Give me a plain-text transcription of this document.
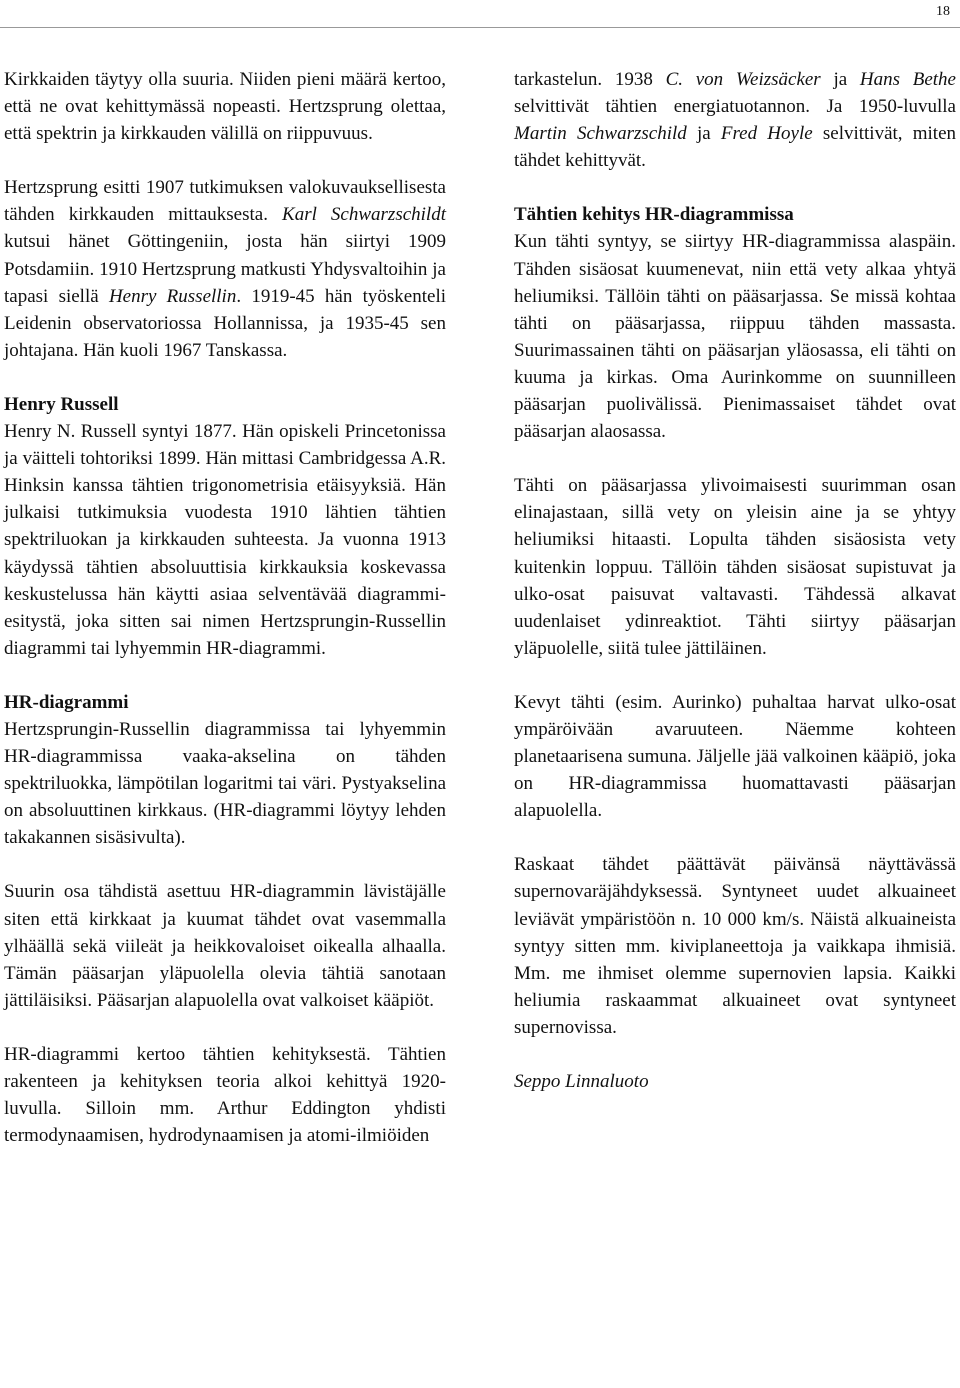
18

Kirkkaiden täytyy olla suuria. Niiden pieni määrä kertoo, että ne ovat kehittymässä nopeasti. Hertzsprung olettaa, että spektrin ja kirkkauden välillä on riippuvuus.

Hertzsprung esitti 1907 tutkimuksen valokuvauksellisesta tähden kirkkauden mittauksesta. Karl Schwarzschildt kutsui hänet Göttingeniin, josta hän siirtyi 1909 Potsdamiin. 1910 Hertzsprung matkusti Yhdysvaltoihin ja tapasi siellä Henry Russellin. 1919-45 hän työskenteli Leidenin observatoriossa Hollannissa, ja 1935-45 sen johtajana. Hän kuoli 1967 Tanskassa.

Henry Russell

Henry N. Russell syntyi 1877. Hän opiskeli Princetonissa ja väitteli tohtoriksi 1899. Hän mittasi Cambridgessa A.R. Hinksin kanssa tähtien trigonometrisia etäisyyksiä. Hän julkaisi tutkimuksia vuodesta 1910 lähtien tähtien spektriluokan ja kirkkauden suhteesta. Ja vuonna 1913 käydyssä tähtien absoluuttisia kirkkauksia koskevassa keskustelussa hän käytti asiaa selventävää diagrammi-esitystä, joka sitten sai nimen Hertzsprungin-Russellin diagrammi tai lyhyemmin HR-diagrammi.

HR-diagrammi

Hertzsprungin-Russellin diagrammissa tai lyhyemmin HR-diagrammissa vaaka-akselina on tähden spektriluokka, lämpötilan logaritmi tai väri. Pystyakselina on absoluuttinen kirkkaus. (HR-diagrammi löytyy lehden takakannen sisäsivulta).

Suurin osa tähdistä asettuu HR-diagrammin lävistäjälle siten että kirkkaat ja kuumat tähdet ovat vasemmalla ylhäällä sekä viileät ja heikkovaloiset oikealla alhaalla. Tämän pääsarjan yläpuolella olevia tähtiä sanotaan jättiläisiksi. Pääsarjan alapuolella ovat valkoiset kääpiöt.

HR-diagrammi kertoo tähtien kehityksestä. Tähtien rakenteen ja kehityksen teoria alkoi kehittyä 1920-luvulla. Silloin mm. Arthur Eddington yhdisti termodynaamisen, hydrodynaamisen ja atomi-ilmiöiden

tarkastelun. 1938 C. von Weizsäcker ja Hans Bethe selvittivät tähtien energiatuotannon. Ja 1950-luvulla Martin Schwarzschild ja Fred Hoyle selvittivät, miten tähdet kehittyvät.

Tähtien kehitys HR-diagrammissa

Kun tähti syntyy, se siirtyy HR-diagrammissa alaspäin. Tähden sisäosat kuumenevat, niin että vety alkaa yhtyä heliumiksi. Tällöin tähti on pääsarjassa. Se missä kohtaa tähti on pääsarjassa, riippuu tähden massasta. Suurimassainen tähti on pääsarjan yläosassa, eli tähti on kuuma ja kirkas. Oma Aurinkomme on suunnilleen pääsarjan puolivälissä. Pienimassaiset tähdet ovat pääsarjan alaosassa.

Tähti on pääsarjassa ylivoimaisesti suurimman osan elinajastaan, sillä vety on yleisin aine ja se yhtyy heliumiksi hitaasti. Lopulta tähden sisäosista vety kuitenkin loppuu. Tällöin tähden sisäosat supistuvat ja ulko-osat paisuvat valtavasti. Tähdessä alkavat uudenlaiset ydinreaktiot. Tähti siirtyy pääsarjan yläpuolelle, siitä tulee jättiläinen.

Kevyt tähti (esim. Aurinko) puhaltaa harvat ulko-osat ympäröivään avaruuteen. Näemme kohteen planetaarisena sumuna. Jäljelle jää valkoinen kääpiö, joka on HR-diagrammissa huomattavasti pääsarjan alapuolella.

Raskaat tähdet päättävät päivänsä näyttävässä supernovaräjähdyksessä. Syntyneet uudet alkuaineet leviävät ympäristöön n. 10 000 km/s. Näistä alkuaineista syntyy sitten mm. kiviplaneettoja ja vaikkapa ihmisiä. Mm. me ihmiset olemme supernovien lapsia. Kaikki heliumia raskaammat alkuaineet ovat syntyneet supernovissa.

Seppo Linnaluoto
